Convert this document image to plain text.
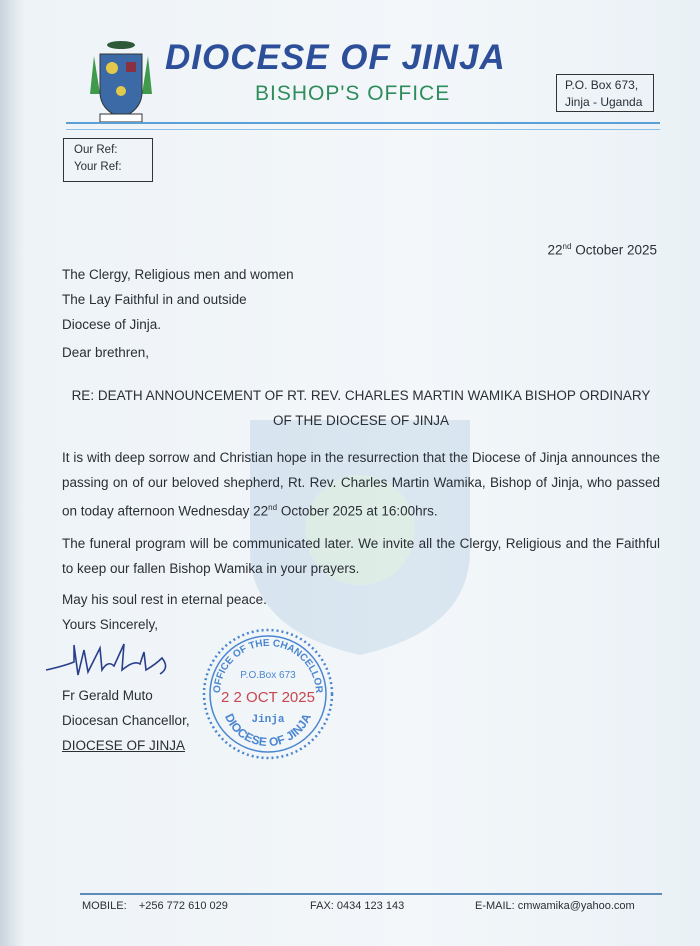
DIOCESE OF JINJA
BISHOP'S OFFICE	P.O. Box 673,
Jinja - Uganda
Our Ref:
Your Ref:
22nd October 2025
The Clergy, Religious men and women
The Lay Faithful in and outside
Diocese of Jinja.
Dear brethren,
RE: DEATH ANNOUNCEMENT OF RT. REV. CHARLES MARTIN WAMIKA BISHOP ORDINARY
OF THE DIOCESE OF JINJA
It is with deep sorrow and Christian hope in the resurrection that the Diocese of Jinja announces the passing on of our beloved shepherd, Rt. Rev. Charles Martin Wamika, Bishop of Jinja, who passed on today afternoon Wednesday 22nd October 2025 at 16:00hrs.
The funeral program will be communicated later. We invite all the Clergy, Religious and the Faithful to keep our fallen Bishop Wamika in your prayers.
May his soul rest in eternal peace.
Yours Sincerely,
Fr Gerald Muto
Diocesan Chancellor,
DIOCESE OF JINJA
OFFICE OF THE CHANCELLOR
DIOCESE OF JINJA
P.O.Box 673
2 2 OCT 2025
Jinja
MOBILE:    +256 772 610 029	FAX: 0434 123 143	E-MAIL: cmwamika@yahoo.com
